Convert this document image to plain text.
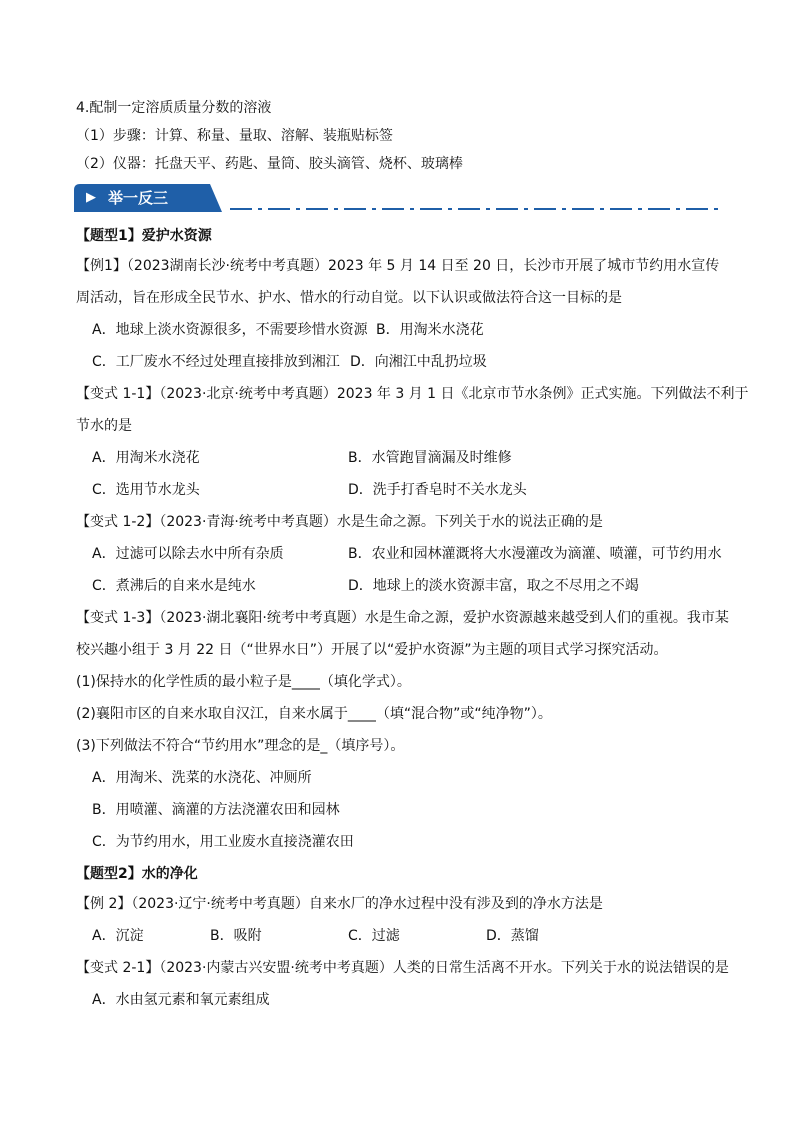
4.配制一定溶质质量分数的溶液
（1）步骤：计算、称量、量取、溶解、装瓶贴标签
（2）仪器：托盘天平、药匙、量筒、胶头滴管、烧杯、玻璃棒
▶ 举一反三
【题型1】爱护水资源
【例1】（2023湖南长沙·统考中考真题）2023 年 5 月 14 日至 20 日，长沙市开展了城市节约用水宣传
周活动，旨在形成全民节水、护水、惜水的行动自觉。以下认识或做法符合这一目标的是
A．地球上淡水资源很多，不需要珍惜水资源 B．用淘米水浇花
C．工厂废水不经过处理直接排放到湘江 D．向湘江中乱扔垃圾
【变式 1-1】（2023·北京·统考中考真题）2023 年 3 月 1 日《北京市节水条例》正式实施。下列做法不利于
节水的是
A．用淘米水浇花	B．水管跑冒滴漏及时维修
C．选用节水龙头	D．洗手打香皂时不关水龙头
【变式 1-2】（2023·青海·统考中考真题）水是生命之源。下列关于水的说法正确的是
A．过滤可以除去水中所有杂质	B．农业和园林灌溉将大水漫灌改为滴灌、喷灌，可节约用水
C．煮沸后的自来水是纯水	D．地球上的淡水资源丰富，取之不尽用之不竭
【变式 1-3】（2023·湖北襄阳·统考中考真题）水是生命之源，爱护水资源越来越受到人们的重视。我市某
校兴趣小组于 3 月 22 日（“世界水日”）开展了以“爱护水资源”为主题的项目式学习探究活动。
(1)保持水的化学性质的最小粒子是____（填化学式）。
(2)襄阳市区的自来水取自汉江，自来水属于____（填“混合物”或“纯净物”）。
(3)下列做法不符合“节约用水”理念的是_（填序号）。
A．用淘米、洗菜的水浇花、冲厕所
B．用喷灌、滴灌的方法浇灌农田和园林
C．为节约用水，用工业废水直接浇灌农田
【题型2】水的净化
【例 2】（2023·辽宁·统考中考真题）自来水厂的净水过程中没有涉及到的净水方法是
A．沉淀	B．吸附	C．过滤	D．蒸馏
【变式 2-1】（2023·内蒙古兴安盟·统考中考真题）人类的日常生活离不开水。下列关于水的说法错误的是
A．水由氢元素和氧元素组成
